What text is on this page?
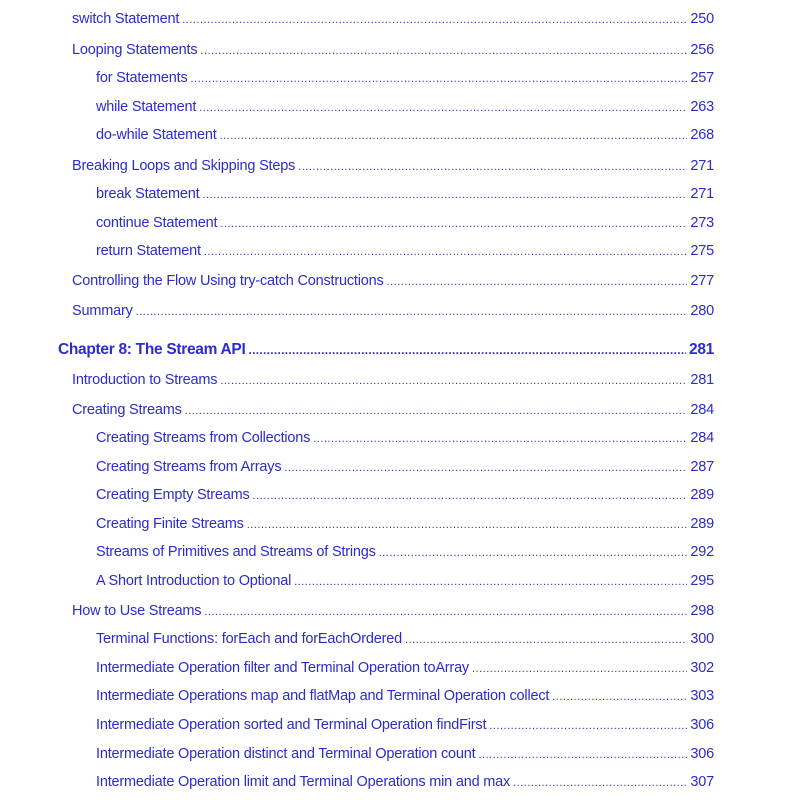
switch Statement .....	250
Looping Statements .....	256
for Statements .....	257
while Statement .....	263
do-while Statement .....	268
Breaking Loops and Skipping Steps .....	271
break Statement .....	271
continue Statement .....	273
return Statement .....	275
Controlling the Flow Using try-catch Constructions .....	277
Summary .....	280
Chapter 8: The Stream API .....	281
Introduction to Streams .....	281
Creating Streams .....	284
Creating Streams from Collections .....	284
Creating Streams from Arrays .....	287
Creating Empty Streams .....	289
Creating Finite Streams .....	289
Streams of Primitives and Streams of Strings .....	292
A Short Introduction to Optional .....	295
How to Use Streams .....	298
Terminal Functions: forEach and forEachOrdered .....	300
Intermediate Operation filter and Terminal Operation toArray .....	302
Intermediate Operations map and flatMap and Terminal Operation collect .....	303
Intermediate Operation sorted and Terminal Operation findFirst .....	306
Intermediate Operation distinct and Terminal Operation count .....	306
Intermediate Operation limit and Terminal Operations min and max .....	307
